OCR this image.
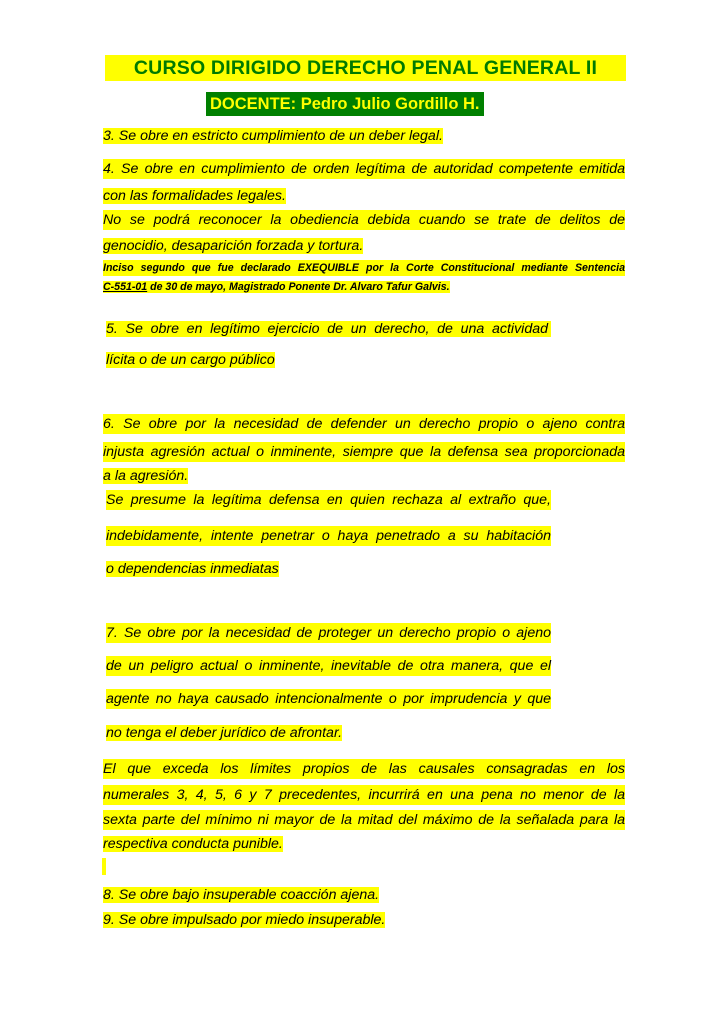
CURSO DIRIGIDO DERECHO PENAL GENERAL II
DOCENTE: Pedro Julio Gordillo H.
3. Se obre en estricto cumplimiento de un deber legal.
4. Se obre en cumplimiento de orden legítima de autoridad competente emitida
con las formalidades legales.
No se podrá reconocer la obediencia debida cuando se trate de delitos de
genocidio, desaparición forzada y tortura.
Inciso segundo que fue declarado EXEQUIBLE por la Corte Constitucional mediante Sentencia
C-551-01 de 30 de mayo, Magistrado Ponente Dr. Alvaro Tafur Galvis.
5. Se obre en legítimo ejercicio de un derecho, de una actividad
lícita o de un cargo público
6. Se obre por la necesidad de defender un derecho propio o ajeno contra
injusta agresión actual o inminente, siempre que la defensa sea proporcionada
a la agresión.
Se presume la legítima defensa en quien rechaza al extraño que,
indebidamente, intente penetrar o haya penetrado a su habitación
o dependencias inmediatas
7. Se obre por la necesidad de proteger un derecho propio o ajeno
de un peligro actual o inminente, inevitable de otra manera, que el
agente no haya causado intencionalmente o por imprudencia y que
no tenga el deber jurídico de afrontar.
El que exceda los límites propios de las causales consagradas en los
numerales 3, 4, 5, 6 y 7 precedentes, incurrirá en una pena no menor de la
sexta parte del mínimo ni mayor de la mitad del máximo de la señalada para la
respectiva conducta punible.
8. Se obre bajo insuperable coacción ajena.
9. Se obre impulsado por miedo insuperable.
